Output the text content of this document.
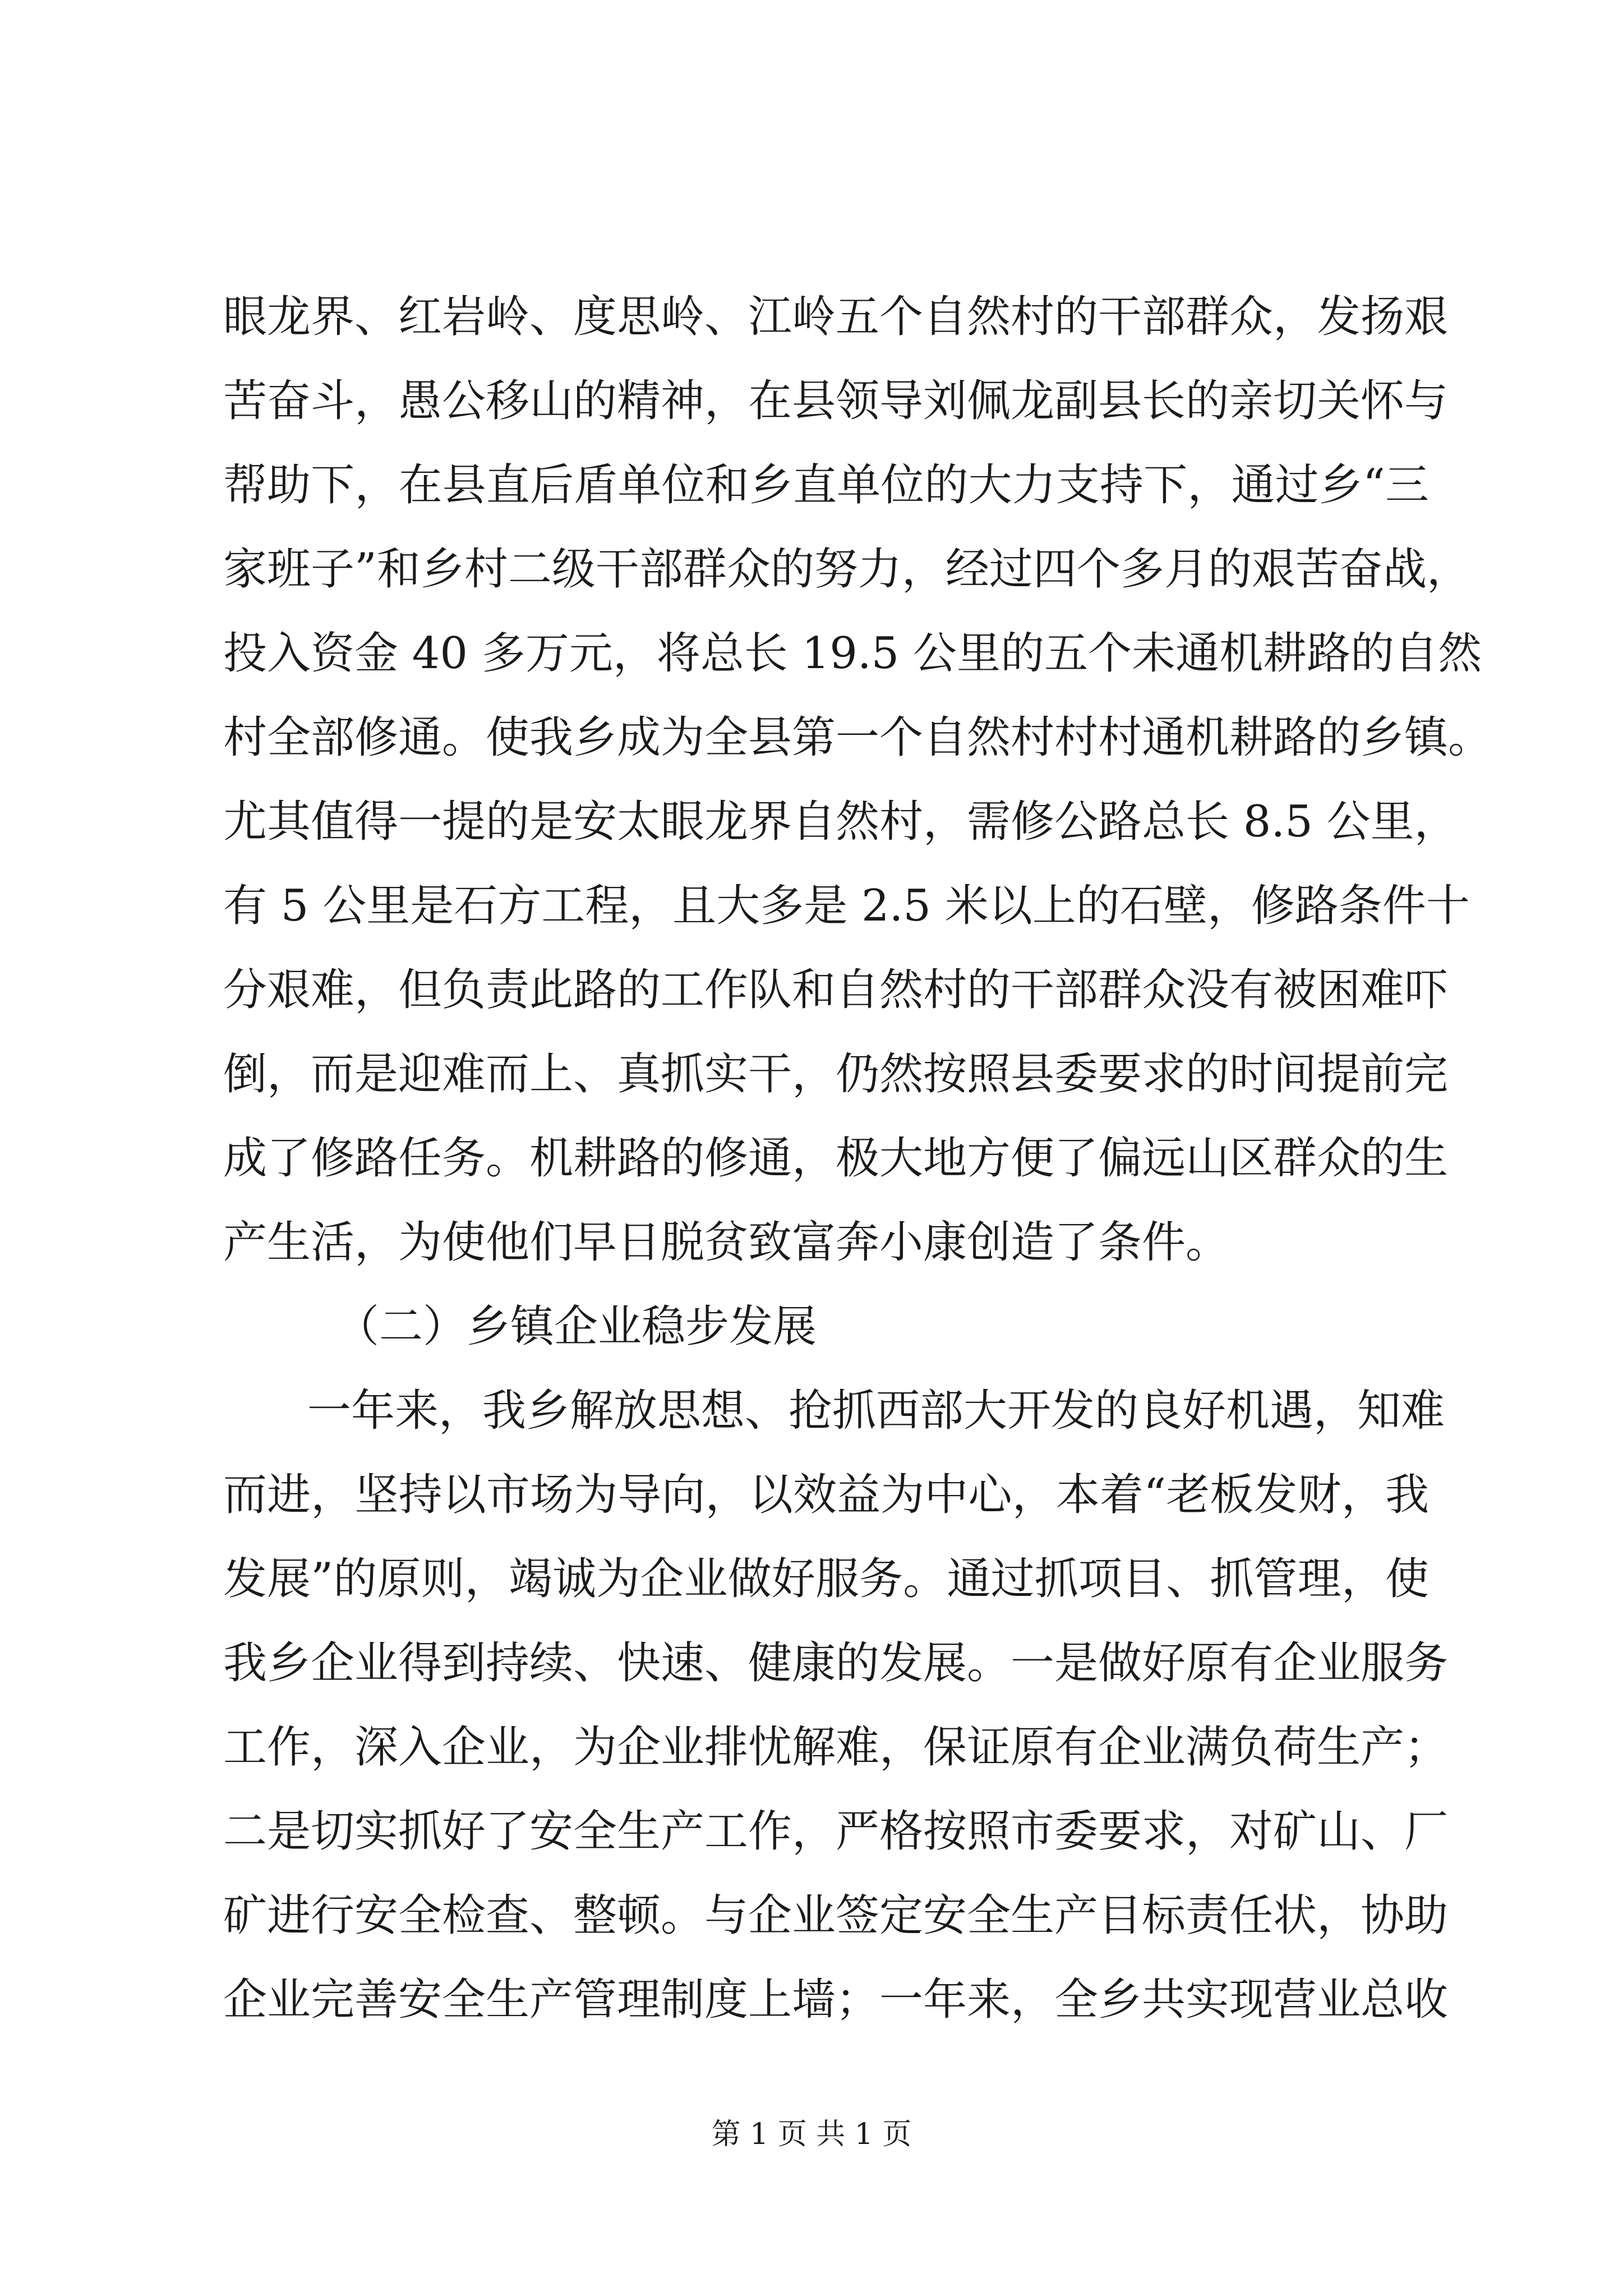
眼龙界、红岩岭、度思岭、江岭五个自然村的干部群众，发扬艰
苦奋斗，愚公移山的精神，在县领导刘佩龙副县长的亲切关怀与
帮助下，在县直后盾单位和乡直单位的大力支持下，通过乡“三
家班子”和乡村二级干部群众的努力，经过四个多月的艰苦奋战，
投入资金 40 多万元，将总长 19.5 公里的五个未通机耕路的自然
村全部修通。使我乡成为全县第一个自然村村村通机耕路的乡镇。
尤其值得一提的是安太眼龙界自然村，需修公路总长 8.5 公里，
有 5 公里是石方工程，且大多是 2.5 米以上的石壁，修路条件十
分艰难，但负责此路的工作队和自然村的干部群众没有被困难吓
倒，而是迎难而上、真抓实干，仍然按照县委要求的时间提前完
成了修路任务。机耕路的修通，极大地方便了偏远山区群众的生
产生活，为使他们早日脱贫致富奔小康创造了条件。
（二）乡镇企业稳步发展
一年来，我乡解放思想、抢抓西部大开发的良好机遇，知难
而进，坚持以市场为导向，以效益为中心，本着“老板发财，我
发展”的原则，竭诚为企业做好服务。通过抓项目、抓管理，使
我乡企业得到持续、快速、健康的发展。一是做好原有企业服务
工作，深入企业，为企业排忧解难，保证原有企业满负荷生产；
二是切实抓好了安全生产工作，严格按照市委要求，对矿山、厂
矿进行安全检查、整顿。与企业签定安全生产目标责任状，协助
企业完善安全生产管理制度上墙；一年来，全乡共实现营业总收
第 1 页 共 1 页
